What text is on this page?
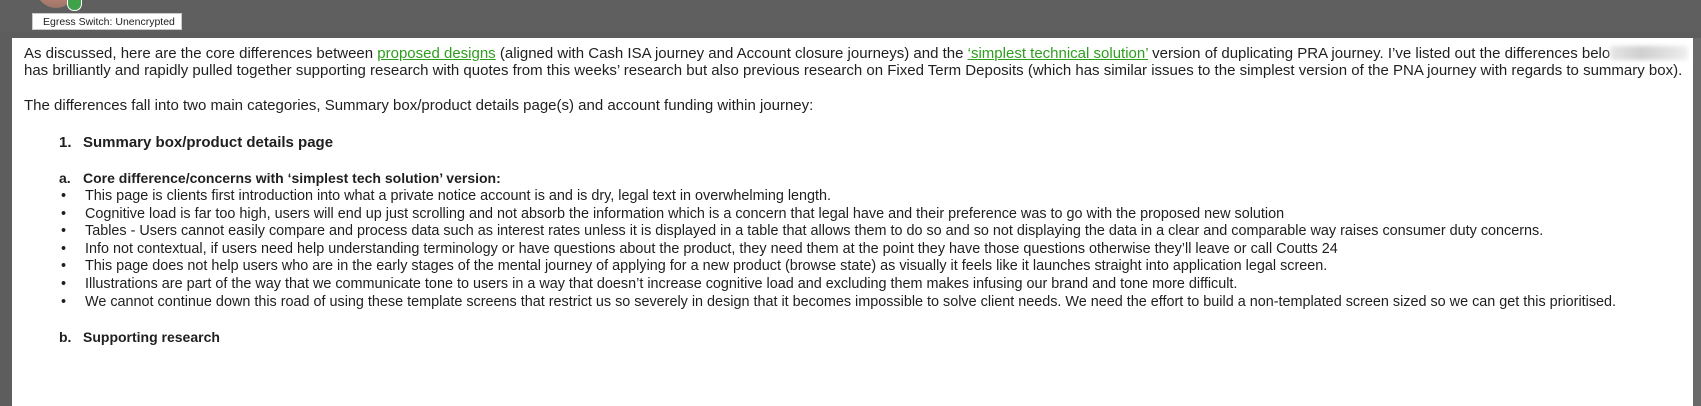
Egress Switch: Unencrypted

As discussed, here are the core differences between proposed designs (aligned with Cash ISA journey and Account closure journeys) and the ‘simplest technical solution’ version of duplicating PRA journey. I’ve listed out the differences belohas brilliantly and rapidly pulled together supporting research with quotes from this weeks’ research but also previous research on Fixed Term Deposits (which has similar issues to the simplest version of the PNA journey with regards to summary box).

The differences fall into two main categories, Summary box/product details page(s) and account funding within journey:

1. Summary box/product details page
a. Core difference/concerns with ‘simplest tech solution’ version:
•	This page is clients first introduction into what a private notice account is and is dry, legal text in overwhelming length.
•	Cognitive load is far too high, users will end up just scrolling and not absorb the information which is a concern that legal have and their preference was to go with the proposed new solution
•	Tables - Users cannot easily compare and process data such as interest rates unless it is displayed in a table that allows them to do so and so not displaying the data in a clear and comparable way raises consumer duty concerns.
•	Info not contextual, if users need help understanding terminology or have questions about the product, they need them at the point they have those questions otherwise they’ll leave or call Coutts 24
•	This page does not help users who are in the early stages of the mental journey of applying for a new product (browse state) as visually it feels like it launches straight into application legal screen.
•	Illustrations are part of the way that we communicate tone to users in a way that doesn’t increase cognitive load and excluding them makes infusing our brand and tone more difficult.
•	We cannot continue down this road of using these template screens that restrict us so severely in design that it becomes impossible to solve client needs. We need the effort to build a non-templated screen sized so we can get this prioritised.
b. Supporting research
